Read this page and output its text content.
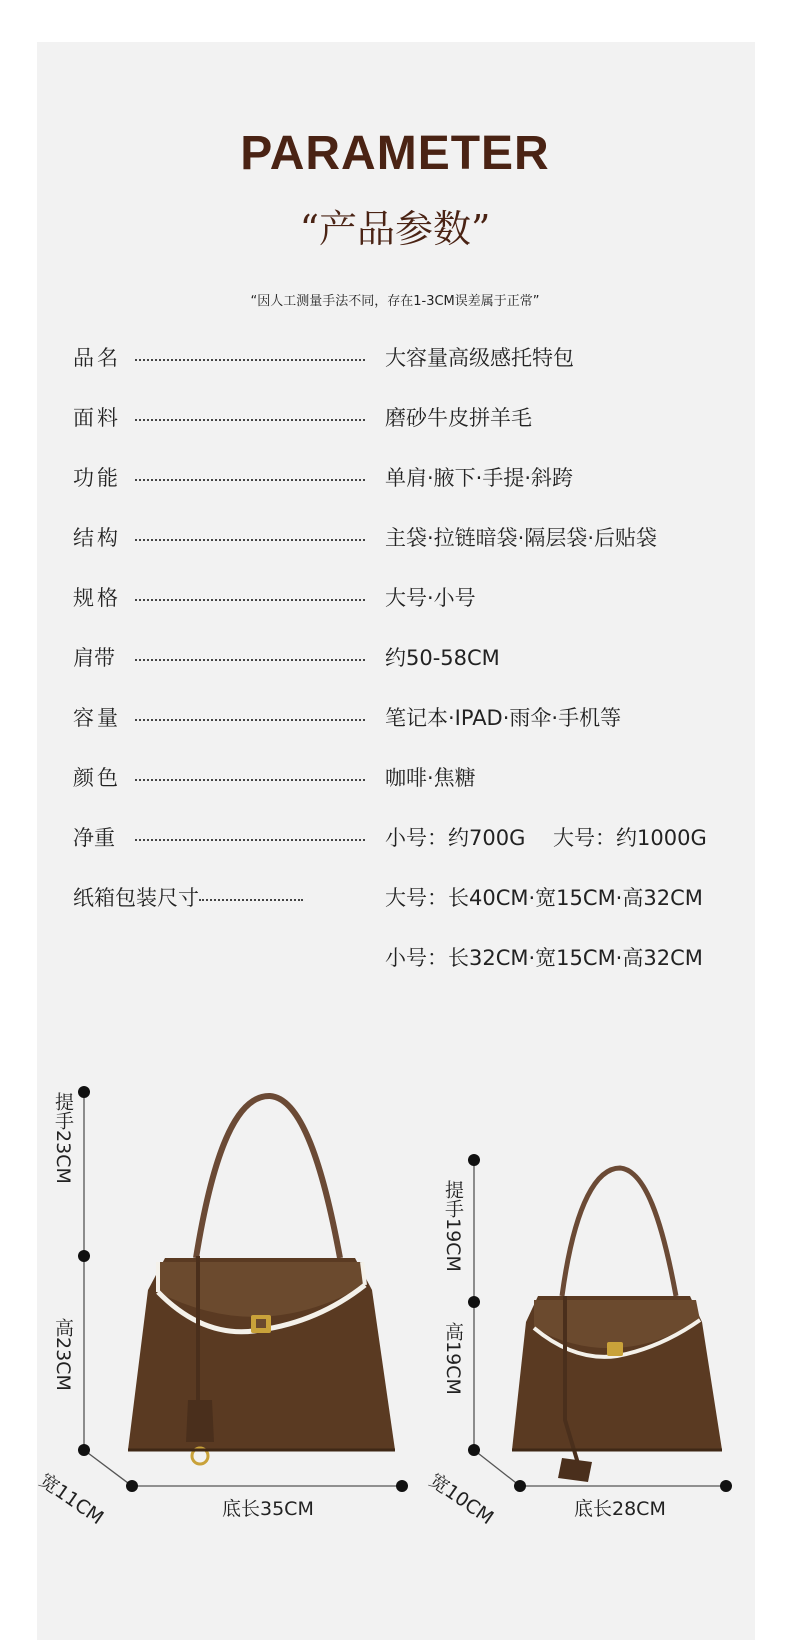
PARAMETER
“产品参数”
“因人工测量手法不同，存在1-3CM误差属于正常”
品名	大容量高级感托特包
面料	磨砂牛皮拼羊毛
功能	单肩·腋下·手提·斜跨
结构	主袋·拉链暗袋·隔层袋·后贴袋
规格	大号·小号
肩带	约50-58CM
容量	笔记本·IPAD·雨伞·手机等
颜色	咖啡·焦糖
净重	小号：约700G　 大号：约1000G
纸箱包装尺寸	大号：长40CM·宽15CM·高32CM
小号：长32CM·宽15CM·高32CM
提手23CM
高23CM
宽11CM	底长35CM
提手19CM
高19CM
宽10CM	底长28CM
